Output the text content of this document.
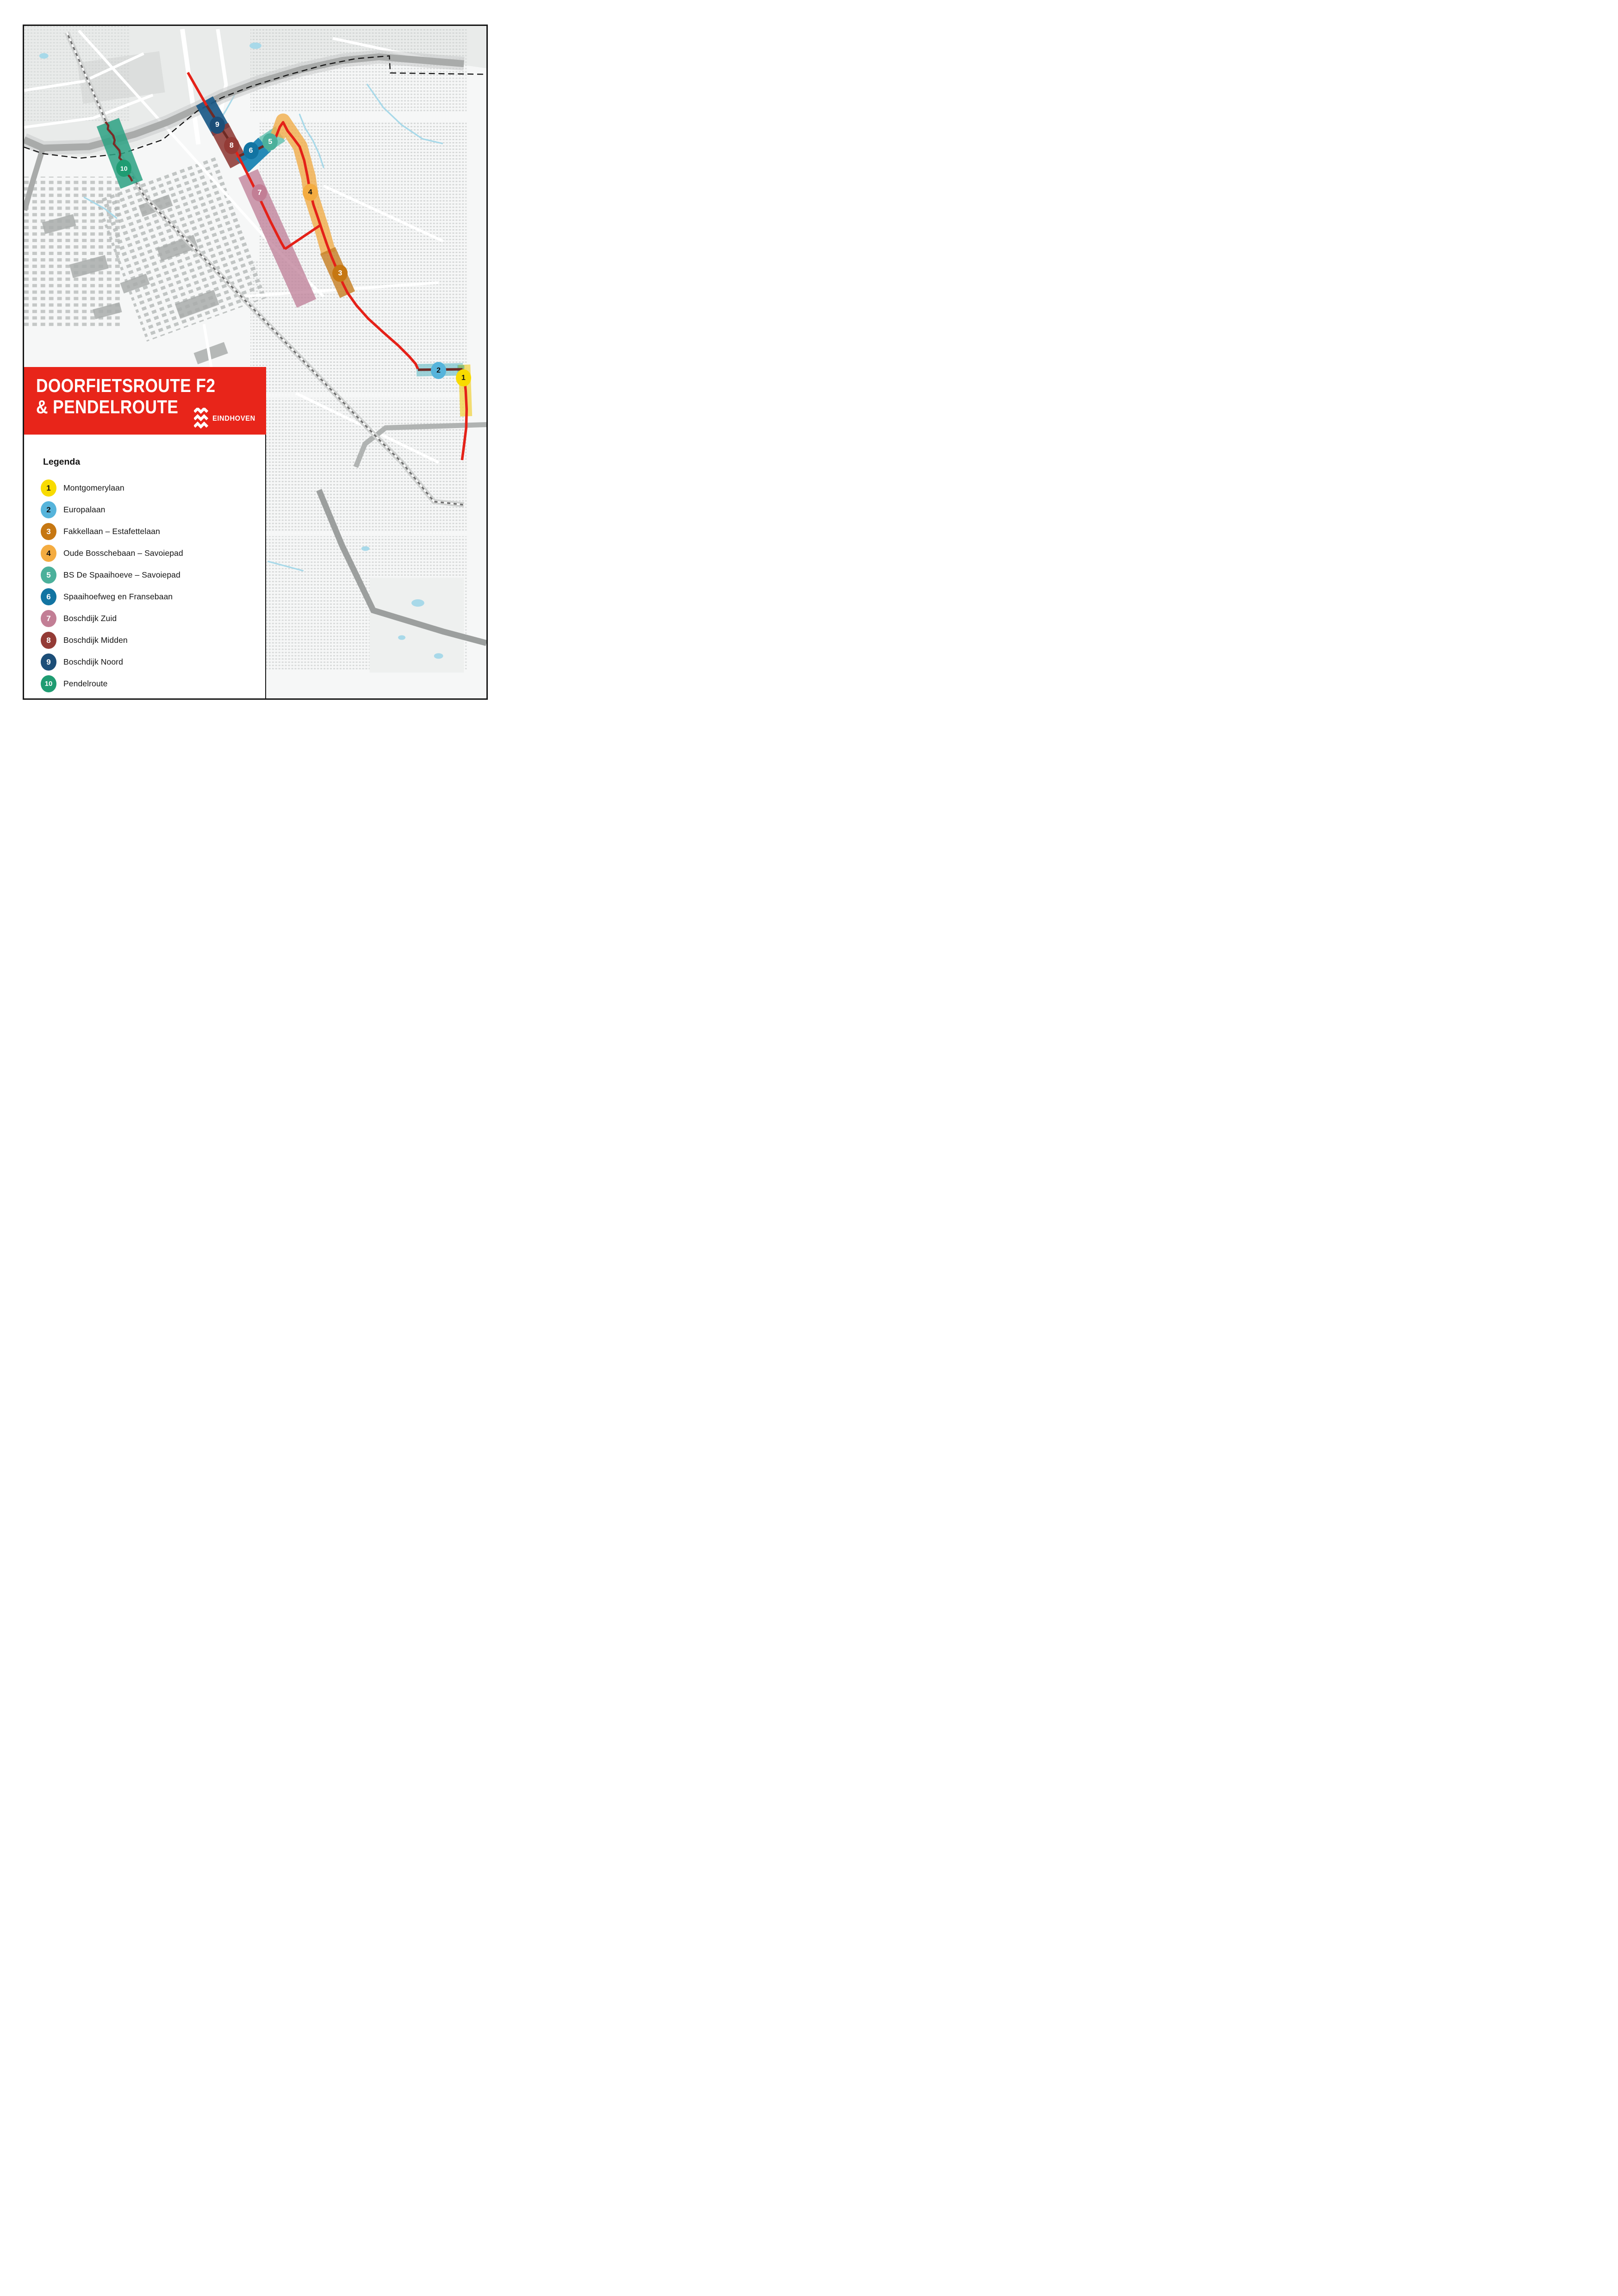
1
2
3
4
5
6
7
8
9
10
DOORFIETSROUTE F2
& PENDELROUTE
EINDHOVEN
Legenda
1	Montgomerylaan
2	Europalaan
3	Fakkellaan – Estafettelaan
4	Oude Bosschebaan – Savoiepad
5	BS De Spaaihoeve – Savoiepad
6	Spaaihoefweg en Fransebaan
7	Boschdijk Zuid
8	Boschdijk Midden
9	Boschdijk Noord
10	Pendelroute
